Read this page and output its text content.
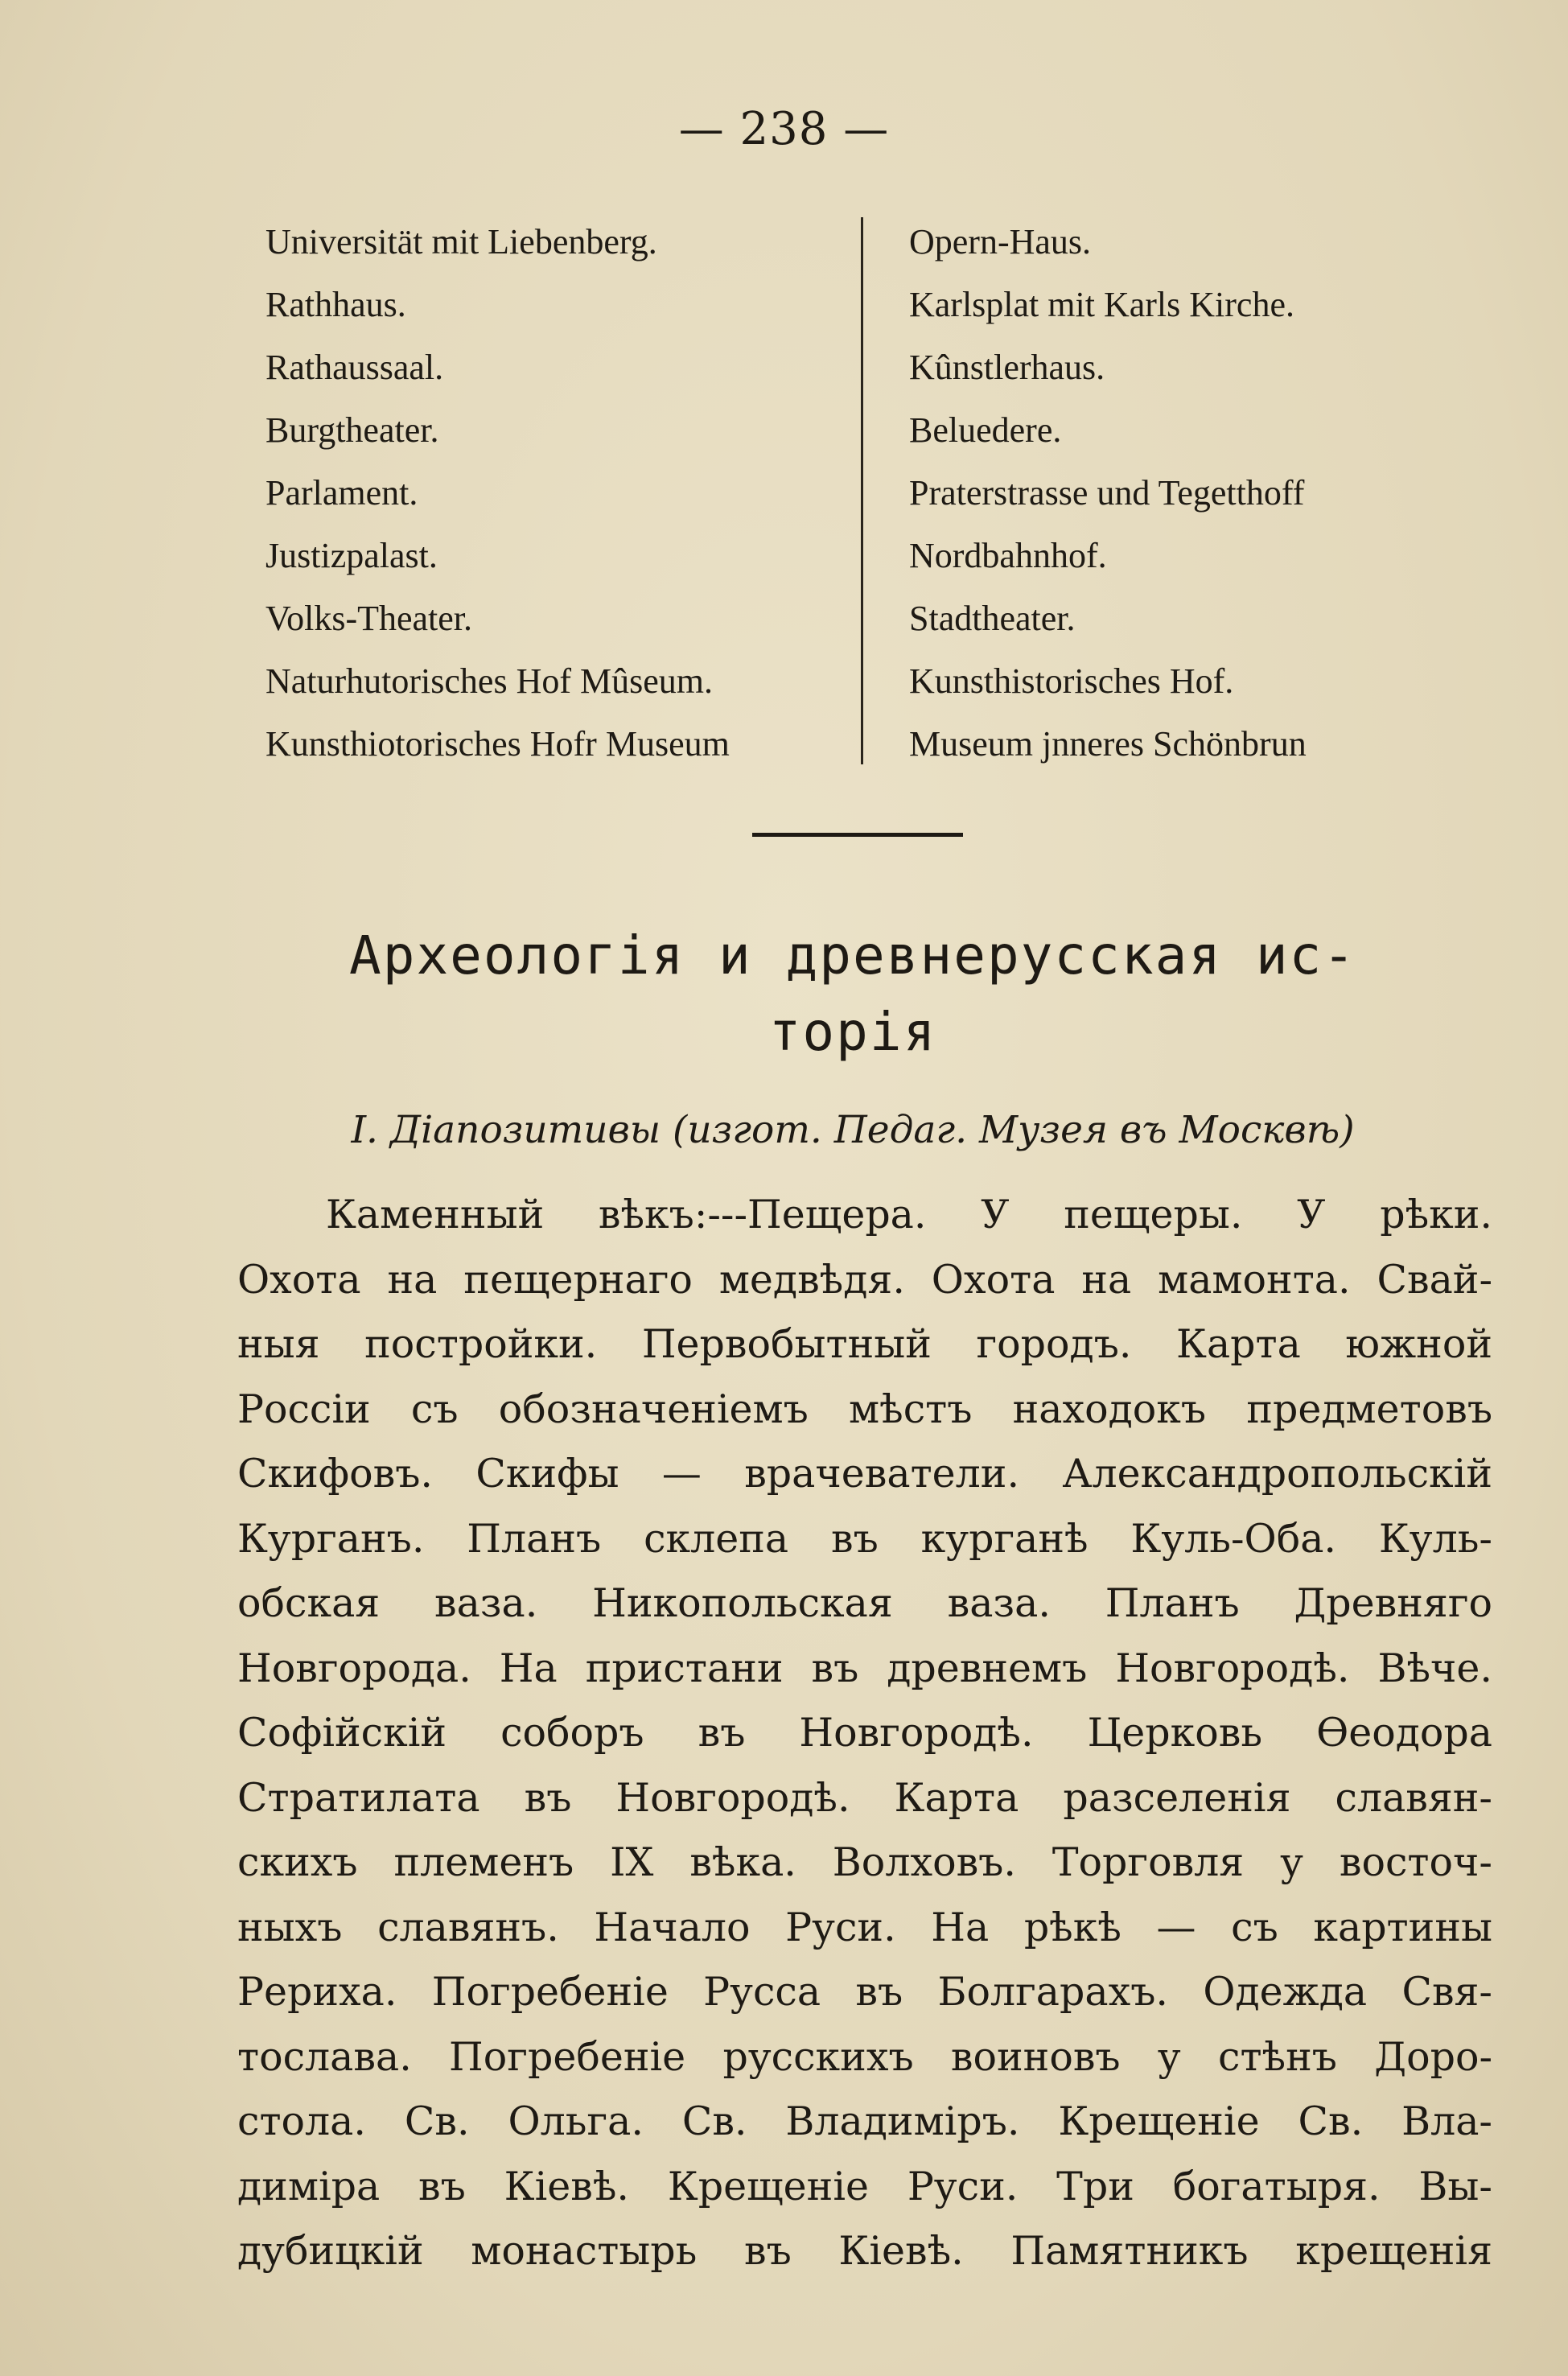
— 238 —
Universität mit Liebenberg.
Rathhaus.
Rathaussaal.
Burgtheater.
Parlament.
Justizpalast.
Volks-Theater.
Naturhutorisches Hof Mûseum.
Kunsthiotorisches Hofr Museum
Opern-Haus.
Karlsplat mit Karls Kirche.
Kûnstlerhaus.
Beluedere.
Praterstrasse und Tegetthoff
Nordbahnhof.
Stadtheater.
Kunsthistorisches Hof.
Museum jnneres Schönbrun
Археологія и древнерусская ис-
торія
I. Діапозитивы (изгот. Педаг. Музея въ Москвѣ)
Каменный вѣкъ:---Пещера. У пещеры. У рѣки.
Охота на пещернаго медвѣдя. Охота на мамонта. Свай-
ныя постройки. Первобытный городъ. Карта южной
Россіи съ обозначеніемъ мѣстъ находокъ предметовъ
Скифовъ. Скифы — врачеватели. Александропольскій
Курганъ. Планъ склепа въ курганѣ Куль-Оба. Куль-
обская ваза. Никопольская ваза. Планъ Древняго
Новгорода. На пристани въ древнемъ Новгородѣ. Вѣче.
Софійскій соборъ въ Новгородѣ. Церковь Ѳеодора
Стратилата въ Новгородѣ. Карта разселенія славян-
скихъ племенъ IX вѣка. Волховъ. Торговля у восточ-
ныхъ славянъ. Начало Руси. На рѣкѣ — съ картины
Рериха. Погребеніе Русса въ Болгарахъ. Одежда Свя-
тослава. Погребеніе русскихъ воиновъ у стѣнъ Доро-
стола. Св. Ольга. Св. Владиміръ. Крещеніе Св. Вла-
диміра въ Кіевѣ. Крещеніе Руси. Три богатыря. Вы-
дубицкій монастырь въ Кіевѣ. Памятникъ крещенія
